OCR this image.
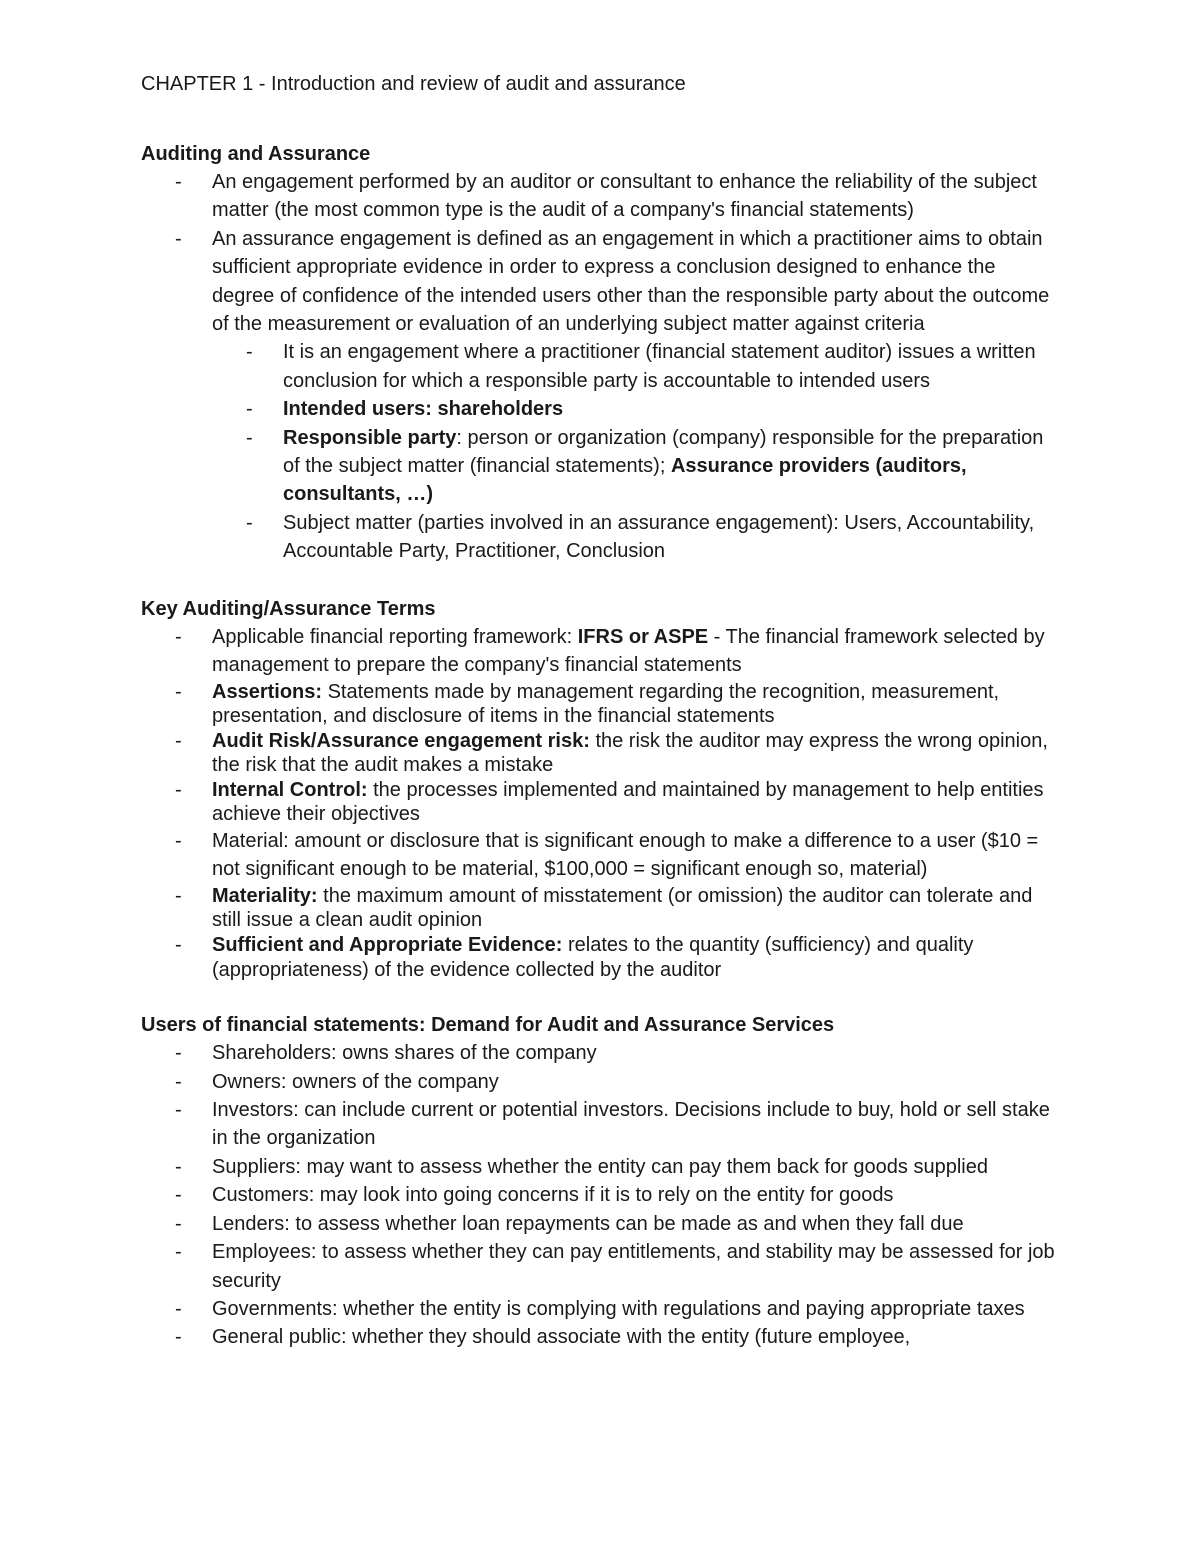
CHAPTER 1 - Introduction and review of audit and assurance
Auditing and Assurance
- An engagement performed by an auditor or consultant to enhance the reliability of the subject matter (the most common type is the audit of a company's financial statements)
- An assurance engagement is defined as an engagement in which a practitioner aims to obtain sufficient appropriate evidence in order to express a conclusion designed to enhance the degree of confidence of the intended users other than the responsible party about the outcome of the measurement or evaluation of an underlying subject matter against criteria
- It is an engagement where a practitioner (financial statement auditor) issues a written conclusion for which a responsible party is accountable to intended users
- Intended users: shareholders
- Responsible party: person or organization (company) responsible for the preparation of the subject matter (financial statements); Assurance providers (auditors, consultants, …)
- Subject matter (parties involved in an assurance engagement): Users, Accountability, Accountable Party, Practitioner, Conclusion
Key Auditing/Assurance Terms
- Applicable financial reporting framework: IFRS or ASPE - The financial framework selected by management to prepare the company's financial statements
- Assertions: Statements made by management regarding the recognition, measurement, presentation, and disclosure of items in the financial statements
- Audit Risk/Assurance engagement risk: the risk the auditor may express the wrong opinion, the risk that the audit makes a mistake
- Internal Control: the processes implemented and maintained by management to help entities achieve their objectives
- Material: amount or disclosure that is significant enough to make a difference to a user ($10 = not significant enough to be material, $100,000 = significant enough so, material)
- Materiality: the maximum amount of misstatement (or omission) the auditor can tolerate and still issue a clean audit opinion
- Sufficient and Appropriate Evidence: relates to the quantity (sufficiency) and quality (appropriateness) of the evidence collected by the auditor
Users of financial statements: Demand for Audit and Assurance Services
- Shareholders: owns shares of the company
- Owners: owners of the company
- Investors: can include current or potential investors. Decisions include to buy, hold or sell stake in the organization
- Suppliers: may want to assess whether the entity can pay them back for goods supplied
- Customers: may look into going concerns if it is to rely on the entity for goods
- Lenders: to assess whether loan repayments can be made as and when they fall due
- Employees: to assess whether they can pay entitlements, and stability may be assessed for job security
- Governments: whether the entity is complying with regulations and paying appropriate taxes
- General public: whether they should associate with the entity (future employee,
